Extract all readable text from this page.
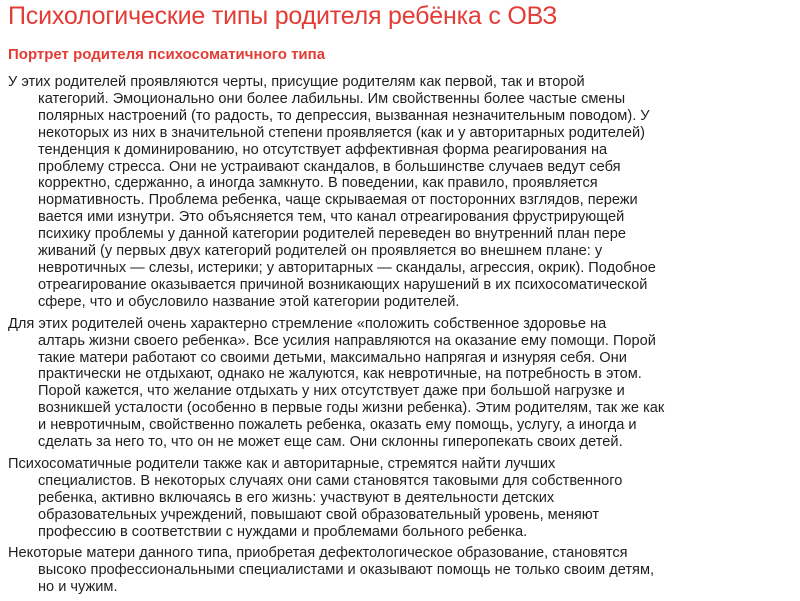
Психологические типы родителя ребёнка с ОВЗ
Портрет родителя психосоматичного типа
У этих родителей проявляются черты, присущие родителям как первой, так и второй
категорий. Эмоционально они более лабильны. Им свойственны более частые смены
полярных настроений (то радость, то депрессия, вызванная незначительным поводом). У
некоторых из них в значительной степени проявляется (как и у авторитарных родителей)
тенденция к доминированию, но отсутствует аффективная форма реагирования на
проблему стресса. Они не устраивают скандалов, в большинстве случаев ведут себя
корректно, сдержанно, а иногда замкнуто. В поведении, как правило, проявляется
нормативность. Проблема ребенка, чаще скрываемая от посторонних взглядов, пережи
вается ими изнутри. Это объясняется тем, что канал отреагирования фрустрирующей
психику проблемы у данной категории родителей переведен во внутренний план пере
живаний (у первых двух категорий родителей он проявляется во внешнем плане: у
невротичных — слезы, истерики; у авторитарных — скандалы, агрессия, окрик). Подобное
отреагирование оказывается причиной возникающих нарушений в их психосоматической
сфере, что и обусловило название этой категории родителей.
Для этих родителей очень характерно стремление «положить собственное здоровье на
алтарь жизни своего ребенка». Все усилия направляются на оказание ему помощи. Порой
такие матери работают со своими детьми, максимально напрягая и изнуряя себя. Они
практически не отдыхают, однако не жалуются, как невротичные, на потребность в этом.
Порой кажется, что желание отдыхать у них отсутствует даже при большой нагрузке и
возникшей усталости (особенно в первые годы жизни ребенка). Этим родителям, так же как
и невротичным, свойственно пожалеть ребенка, оказать ему помощь, услугу, а иногда и
сделать за него то, что он не может еще сам. Они склонны гиперопекать своих детей.
Психосоматичные родители также как и авторитарные, стремятся найти лучших
специалистов. В некоторых случаях они сами становятся таковыми для собственного
ребенка, активно включаясь в его жизнь: участвуют в деятельности детских
образовательных учреждений, повышают свой образовательный уровень, меняют
профессию в соответствии с нуждами и проблемами больного ребенка.
Некоторые матери данного типа, приобретая дефектологическое образование, становятся
высоко профессиональными специалистами и оказывают помощь не только своим детям,
но и чужим.
